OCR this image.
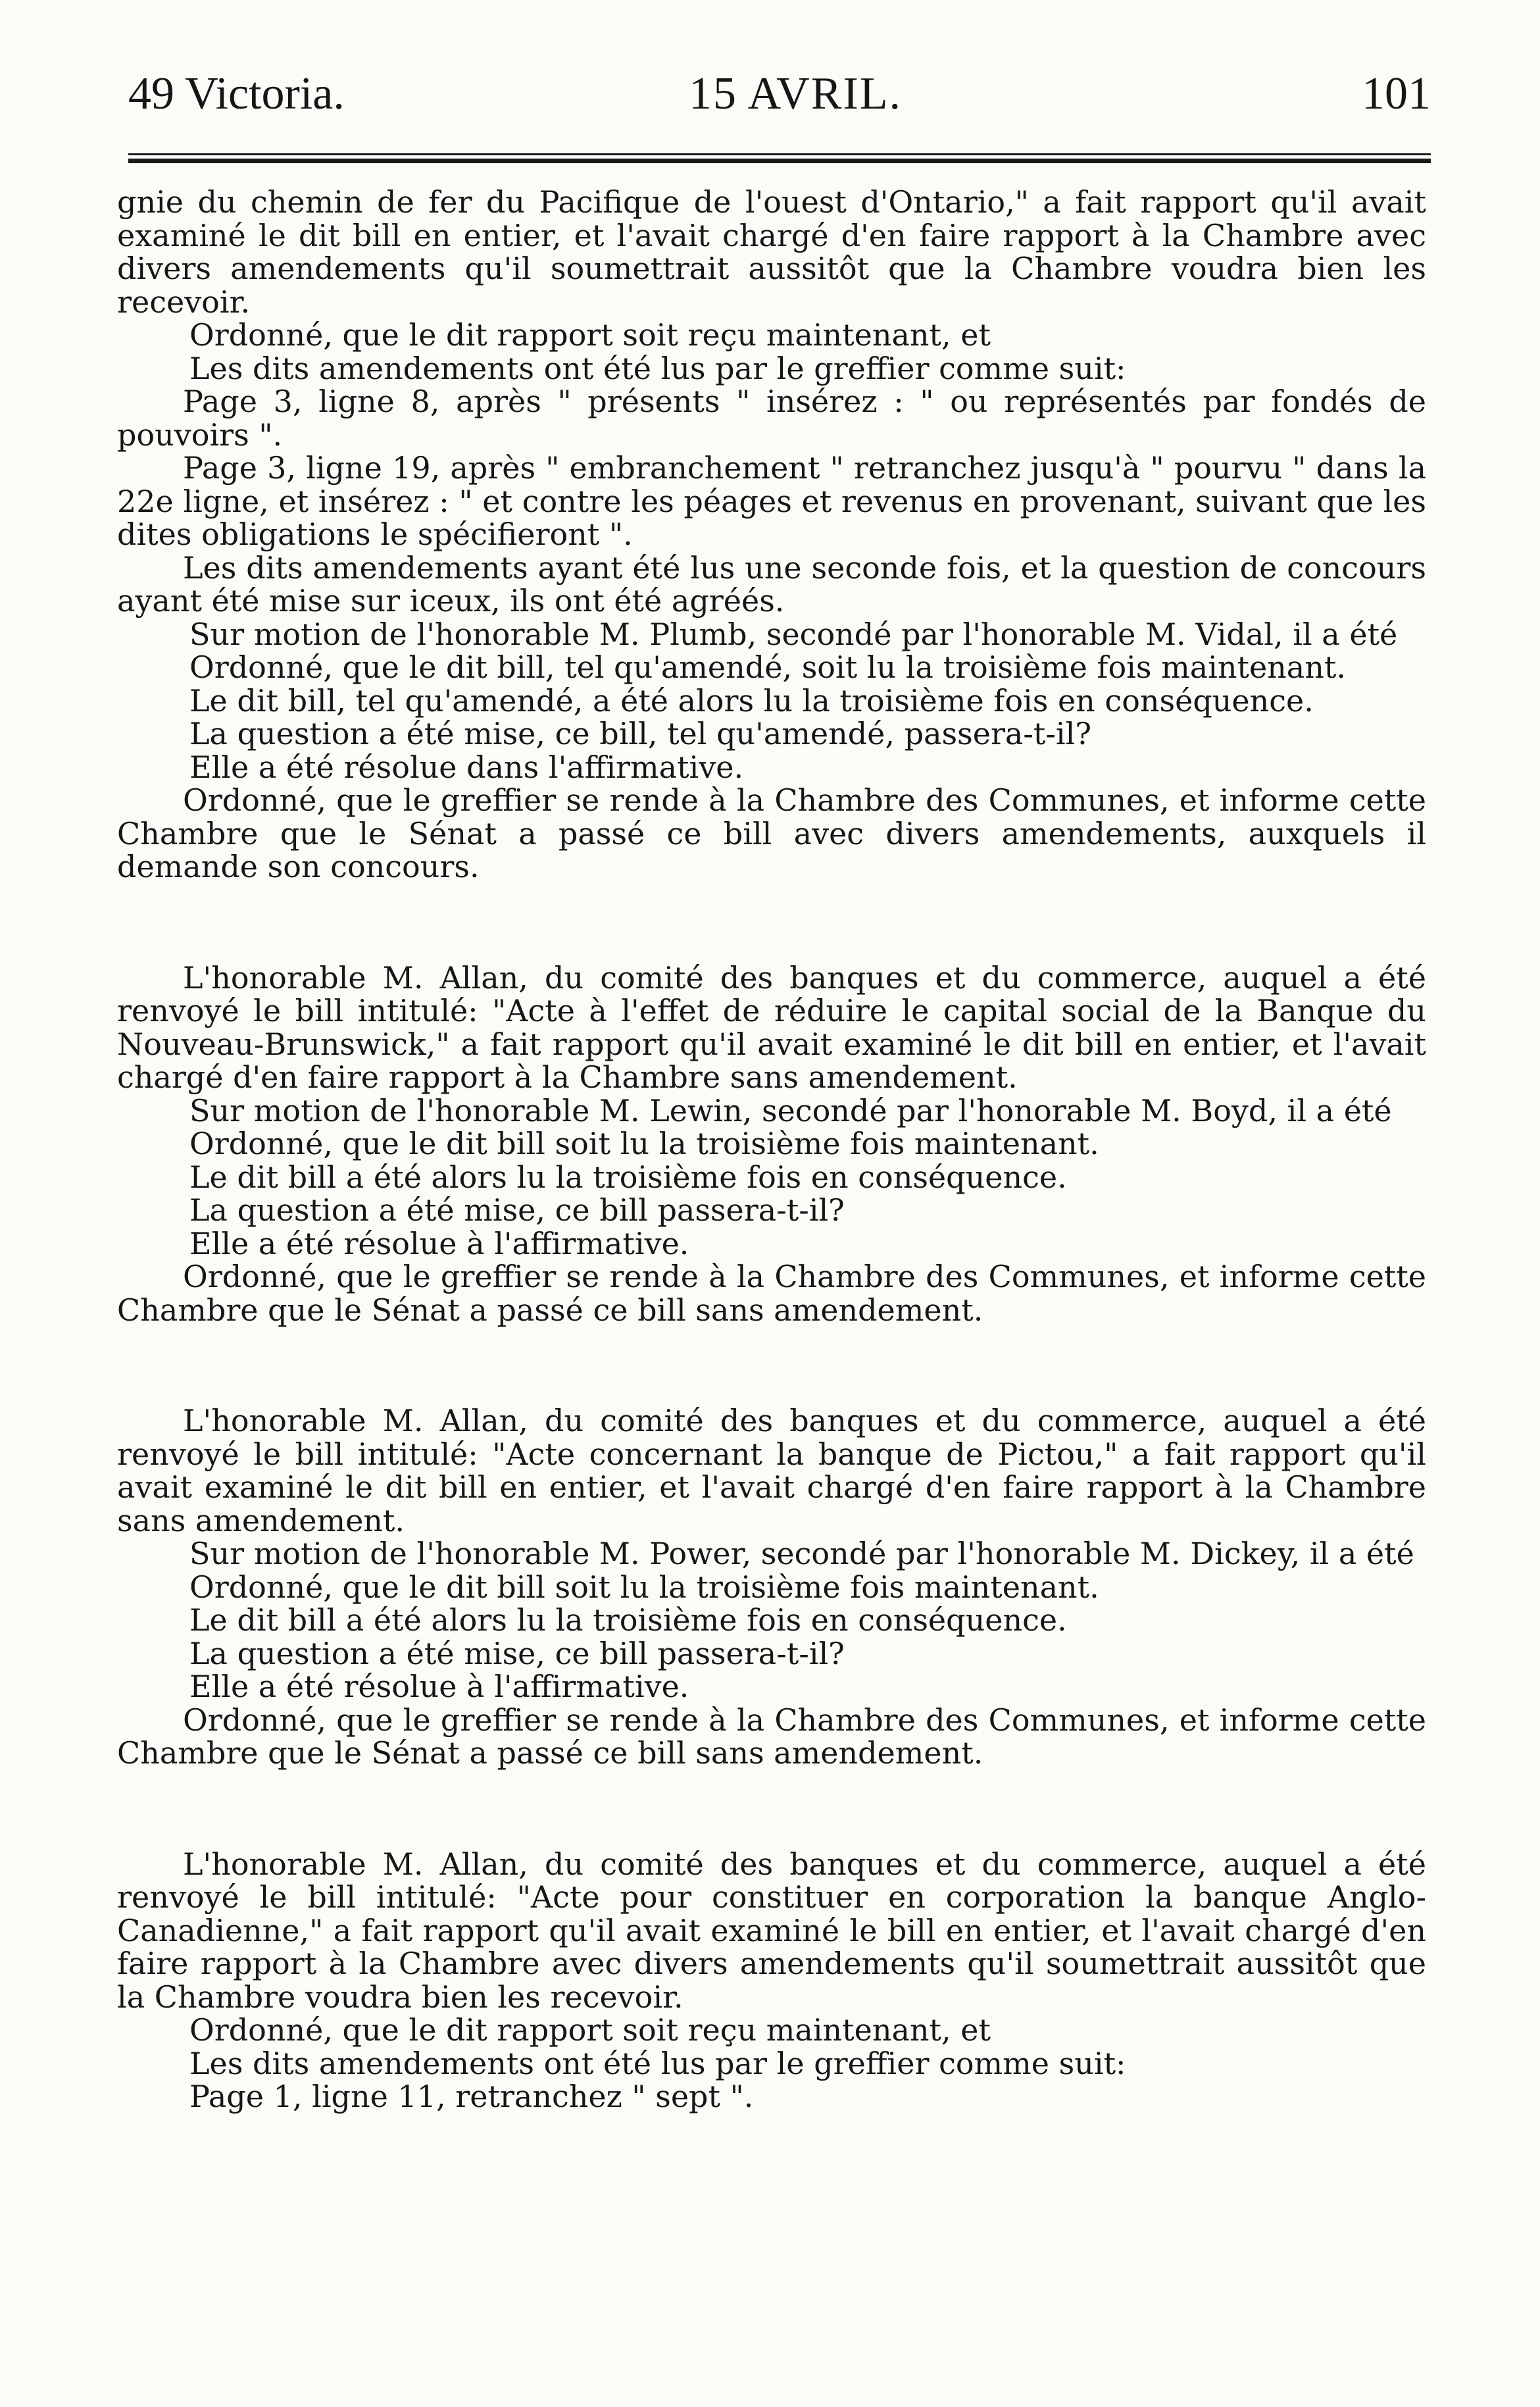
49 Victoria.	15 AVRIL.	101

gnie du chemin de fer du Pacifique de l'ouest d'Ontario," a fait rapport qu'il avait examiné le dit bill en entier, et l'avait chargé d'en faire rapport à la Chambre avec divers amendements qu'il soumettrait aussitôt que la Chambre voudra bien les recevoir.

Ordonné, que le dit rapport soit reçu maintenant, et

Les dits amendements ont été lus par le greffier comme suit:

Page 3, ligne 8, après " présents " insérez : " ou représentés par fondés de pouvoirs ".

Page 3, ligne 19, après " embranchement " retranchez jusqu'à " pourvu " dans la 22e ligne, et insérez : " et contre les péages et revenus en provenant, suivant que les dites obligations le spécifieront ".

Les dits amendements ayant été lus une seconde fois, et la question de concours ayant été mise sur iceux, ils ont été agréés.

Sur motion de l'honorable M. Plumb, secondé par l'honorable M. Vidal, il a été

Ordonné, que le dit bill, tel qu'amendé, soit lu la troisième fois maintenant.

Le dit bill, tel qu'amendé, a été alors lu la troisième fois en conséquence.

La question a été mise, ce bill, tel qu'amendé, passera-t-il?

Elle a été résolue dans l'affirmative.

Ordonné, que le greffier se rende à la Chambre des Communes, et informe cette Chambre que le Sénat a passé ce bill avec divers amendements, auxquels il demande son concours.

L'honorable M. Allan, du comité des banques et du commerce, auquel a été renvoyé le bill intitulé: "Acte à l'effet de réduire le capital social de la Banque du Nouveau-Brunswick," a fait rapport qu'il avait examiné le dit bill en entier, et l'avait chargé d'en faire rapport à la Chambre sans amendement.

Sur motion de l'honorable M. Lewin, secondé par l'honorable M. Boyd, il a été

Ordonné, que le dit bill soit lu la troisième fois maintenant.

Le dit bill a été alors lu la troisième fois en conséquence.

La question a été mise, ce bill passera-t-il?

Elle a été résolue à l'affirmative.

Ordonné, que le greffier se rende à la Chambre des Communes, et informe cette Chambre que le Sénat a passé ce bill sans amendement.

L'honorable M. Allan, du comité des banques et du commerce, auquel a été renvoyé le bill intitulé: "Acte concernant la banque de Pictou," a fait rapport qu'il avait examiné le dit bill en entier, et l'avait chargé d'en faire rapport à la Chambre sans amendement.

Sur motion de l'honorable M. Power, secondé par l'honorable M. Dickey, il a été

Ordonné, que le dit bill soit lu la troisième fois maintenant.

Le dit bill a été alors lu la troisième fois en conséquence.

La question a été mise, ce bill passera-t-il?

Elle a été résolue à l'affirmative.

Ordonné, que le greffier se rende à la Chambre des Communes, et informe cette Chambre que le Sénat a passé ce bill sans amendement.

L'honorable M. Allan, du comité des banques et du commerce, auquel a été renvoyé le bill intitulé: "Acte pour constituer en corporation la banque Anglo-Canadienne," a fait rapport qu'il avait examiné le bill en entier, et l'avait chargé d'en faire rapport à la Chambre avec divers amendements qu'il soumettrait aussitôt que la Chambre voudra bien les recevoir.

Ordonné, que le dit rapport soit reçu maintenant, et

Les dits amendements ont été lus par le greffier comme suit:

Page 1, ligne 11, retranchez " sept ".
